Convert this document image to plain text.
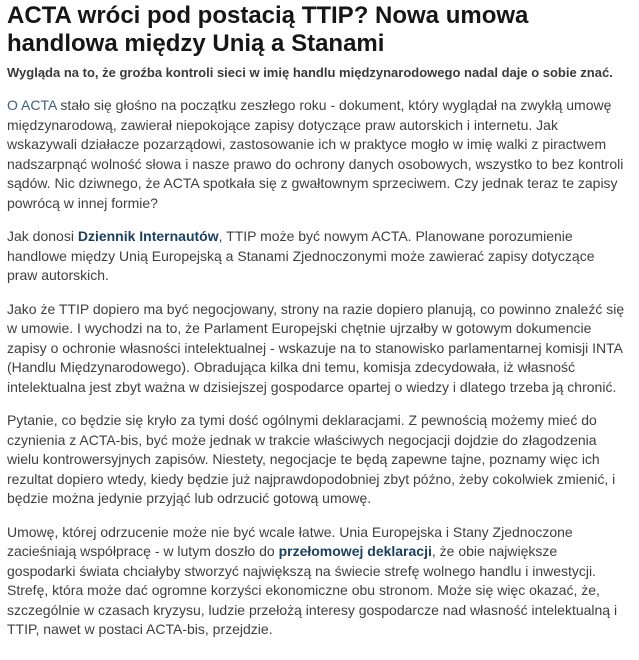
ACTA wróci pod postacią TTIP? Nowa umowa handlowa między Unią a Stanami

Wygląda na to, że groźba kontroli sieci w imię handlu międzynarodowego nadal daje o sobie znać.

O ACTA stało się głośno na początku zeszłego roku - dokument, który wyglądał na zwykłą umowę międzynarodową, zawierał niepokojące zapisy dotyczące praw autorskich i internetu. Jak wskazywali działacze pozarządowi, zastosowanie ich w praktyce mogło w imię walki z piractwem nadszarpnąć wolność słowa i nasze prawo do ochrony danych osobowych, wszystko to bez kontroli sądów. Nic dziwnego, że ACTA spotkała się z gwałtownym sprzeciwem. Czy jednak teraz te zapisy powrócą w innej formie?

Jak donosi Dziennik Internautów, TTIP może być nowym ACTA. Planowane porozumienie handlowe między Unią Europejską a Stanami Zjednoczonymi może zawierać zapisy dotyczące praw autorskich.

Jako że TTIP dopiero ma być negocjowany, strony na razie dopiero planują, co powinno znaleźć się w umowie. I wychodzi na to, że Parlament Europejski chętnie ujrzałby w gotowym dokumencie zapisy o ochronie własności intelektualnej - wskazuje na to stanowisko parlamentarnej komisji INTA (Handlu Międzynarodowego). Obradująca kilka dni temu, komisja zdecydowała, iż własność intelektualna jest zbyt ważna w dzisiejszej gospodarce opartej o wiedzy i dlatego trzeba ją chronić.

Pytanie, co będzie się kryło za tymi dość ogólnymi deklaracjami. Z pewnością możemy mieć do czynienia z ACTA-bis, być może jednak w trakcie właściwych negocjacji dojdzie do złagodzenia wielu kontrowersyjnych zapisów. Niestety, negocjacje te będą zapewne tajne, poznamy więc ich rezultat dopiero wtedy, kiedy będzie już najprawdopodobniej zbyt późno, żeby cokolwiek zmienić, i będzie można jedynie przyjąć lub odrzucić gotową umowę.

Umowę, której odrzucenie może nie być wcale łatwe. Unia Europejska i Stany Zjednoczone zacieśniają współpracę - w lutym doszło do przełomowej deklaracji, że obie największe gospodarki świata chciałyby stworzyć największą na świecie strefę wolnego handlu i inwestycji. Strefę, która może dać ogromne korzyści ekonomiczne obu stronom. Może się więc okazać, że, szczególnie w czasach kryzysu, ludzie przełożą interesy gospodarcze nad własność intelektualną i TTIP, nawet w postaci ACTA-bis, przejdzie.
